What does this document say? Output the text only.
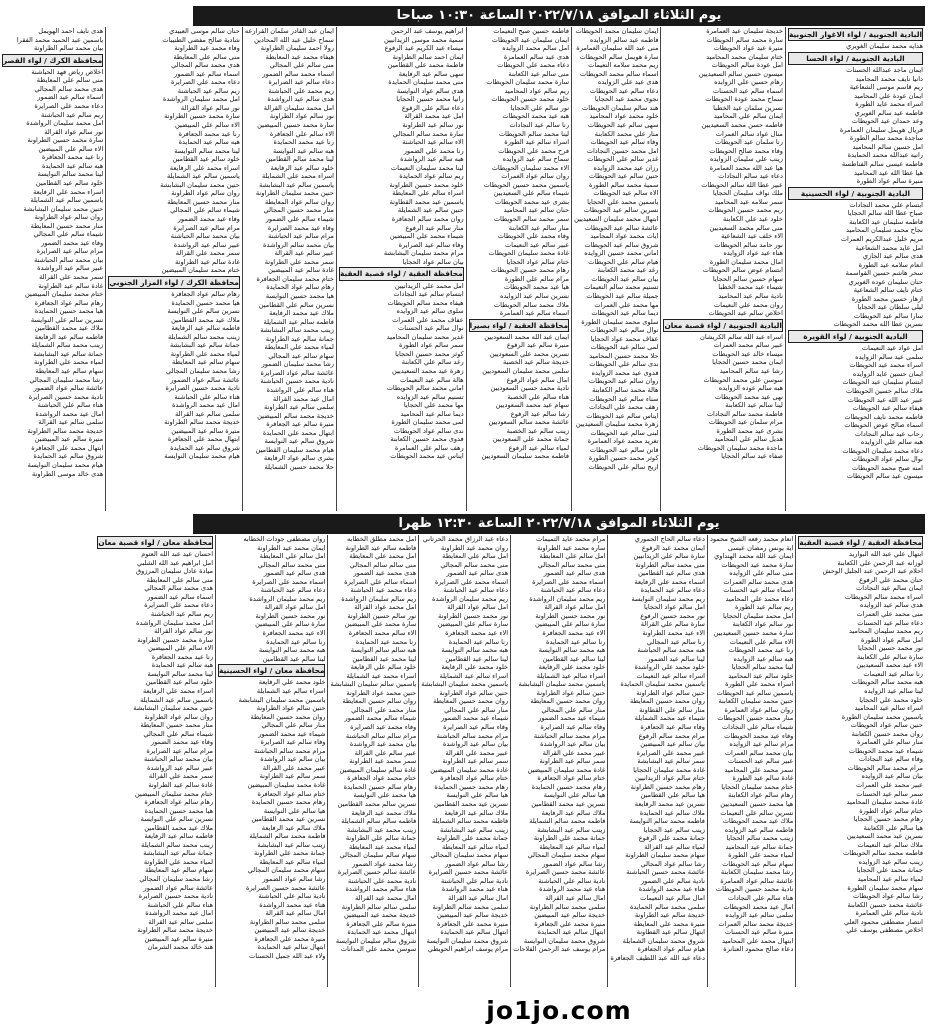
يوم الثلاثاء الموافق ٢٠٢٢/٧/١٨ الساعة ١٠:٣٠ صباحا
البادية الجنوبية / لواء الاغوار الجنوبية
هدايه محمد سليمان الغويري
البادية الجنوبية / لواء الحسا
ايمان ماجد عبدالله الحسنات
دانيا نايف محمد المحاميد
ريم قاسم موسى الشعاعية
ايمان عودة علي المحاميد
اسراء محمد عايد الطورة
فاطمه عيد سالم الغويري
وعد حمدان عيد الحويطات
فريال هويمل سليمان العمامرة
ساجدة محمد سالم الطورة
امل حسين سالم المحاميد
رانيه عبدالله محمد الحمايدة
فاطمه عيسى سالم الفناطسة
هيا عطا الله عيد المحاميد
منيرة سالم عواد الطورة
البادية الجنوبية / لواء الحسينية
ابتسام علي محمد النجادات
صباح عطا الله سالم الحجايا
فاطمه سليمان عيد الكعابنة
نجاح محمد سليمان المحاميد
مريم خليل عبدالكريم العمرات
امل عايد محمد الشعاعية
هدى سالم عيد الجازي
انعام سلامه عيد الطورة
سحر هاشم حسين القواسمة
حنان سليمان عوده الغويري
ختام نايف سالم الشعاعية
ازهار حسين محمد الطورة
ليلى سلطان عيد الحجايا
سارا سالم عيد الحويطات
نسرين عطا الله محمد الحويطات
البادية الجنوبية / لواء القويرة
امل عواد عيد النعيمات
سلمى عيد سالم الزوايده
اسراء محمد عيد الحويطات
ايمان حسين عايد الزوايده
ابتسام سليمان عيد الحويطات
ملاك سالم حسين الحويطات
عبير عبد الله عيد الحويطات
هيفاء سالم عبد الحويطات
فاطمه محمد نايف الحويطات
اسماء صالح عوض الحويطات
رحاب عيد سالم النجادات
هبه سالم علي الزوايده
دعاء محمد سليمان الحويطات
نوال سالم عواد الحويطات
امنه صبح محمد الحويطات
ميسون عيد سالم الحويطات
خديجة سليمان عيد العمامرة
سارة محمد سالم الحويطات
منيرة عيد عواد الحويطات
ختام سليمان محمد المحاميد
امل عودة سالم الحويطات
ميسون حسين سالم السعيديين
رهام حسين علي الزوايده
اسماء سالم عيد الحسنات
سماح محمد عودة الحويطات
نسرين سلمان عيد الخطبا
ايمان سالم علي المحاميد
فاطمه حسن محمد السعيديين
منال عواد سالم العمرات
رنا سلمان عيد الحويطات
وفاء محمد صالح الحويطات
زينب علي سليمان الزوايده
هيا عبد الله محمد العمامرة
دعاء عيد سالم النجادات
عبير عطا الله سالم الحويطات
ملك نواف سليمان الحجايا
سمر سلامه عيد المحاميد
ريم محمد حسين الحويطات
خلود عيد علي الكعابنة
منى سالم محمد السعيديين
الاء خلف عيد الشعاعية
نور حامد سالم الحويطات
هناء عيد عواد الزوايده
امال محمد سليمان الطورة
ابتسام عوض سالم الحويطات
سهام حسين سالم الحجايا
شيماء عيد محمد الخطبا
نادية سالم عيد المحاميد
روان محمد علي النعيمات
اخلاص سالم عيد الحويطات
البادية الجنوبية / لواء قصبة معان
اسراء عبد الله سالم الكريشان
عبير سالم محمد العمرات
ميساء خالد عيد الحويطات
ايمان محمد حسين الحجايا
رشا عيد سالم المحاميد
سوسن علي محمد الحويطات
هبه سالم عوده الزوايده
نهى عيد محمد الحويطات
لينا سالم عيد الكعابنة
فاطمة محمد سالم النجادات
مرام سلمان عيد الحويطات
بشرى عيد محمد الطورة
هديل سالم علي المحاميد
ماجدة محمد سليمان الحويطات
صفاء عيد سالم الحجايا
ايمان سليمان محمد الحويطات
فاطمه عيد سالم الزوايده
منى عبد الله سليمان العمامرة
سارة هويمل سالم الحويطات
ريم محمد سلامه النعيمات
اسماء سالم محمد الحويطات
هدى عيد علي الزوايده
دعاء سالم عيد الحويطات
نجوى محمد عيد الحجايا
هند سالم سليمان الحويطات
خلود محمد عواد المحاميد
سهى سالم عيد الحويطات
منار علي محمد الكعابنة
وفاء سالم عيد الحويطات
امل محمد حسين النجادات
غدير سالم علي الحويطات
رزان عيد محمد الزوايده
حنين سالم عيد الحويطات
سمية محمد سالم الطورة
الاء سالم عيد الحويطات
ياسمين محمد علي الحجايا
نسرين سالم عيد الحويطات
ابتهال محمد سليمان السعيديين
عائشة سالم عيد الحويطات
ايات محمد عواد المحاميد
شروق سالم عيد الحويطات
اماني محمد حسين الزوايده
هيام سالم علي الحويطات
رغد عيد محمد الكعابنة
بيان سالم عيد الحويطات
تسنيم محمد سالم النعيمات
جميلة سالم عيد الحويطات
مها محمد علي العمرات
ديما سالم عيد الحويطات
سلوى محمد سليمان الطورة
نوال سالم عيد الحويطات
عفاف محمد عواد الحجايا
لمى سالم عيد الحويطات
حلا محمد حسين المحاميد
ندى سالم علي الحويطات
فدوى عيد محمد الزوايده
روان سالم عيد الحويطات
هالة محمد سالم الكعابنة
سناء سالم عيد الحويطات
رهف محمد علي النجادات
ايناس سالم عيد الحويطات
زهرة محمد سليمان السعيديين
لبنى سالم عيد الحويطات
تغريد محمد عواد العمامرة
فاتن سالم عيد الحويطات
كوثر محمد حسين الطورة
اريج سالم علي الحويطات
فاطمه حسين صبح النعيمات
ايمان سليمان عيد الحويطات
امل سالم محمد الزوايده
هدى عيد سالم العمامرة
دعاء محمد علي الحويطات
منى سالم عيد الكعابنة
سارة محمد سليمان الحويطات
ريم سالم عواد المحاميد
خلود محمد حسين الحويطات
نور سالم علي الحجايا
هبه عيد محمد الحويطات
رنا سالم عيد النجادات
لينا محمد سالم الحويطات
اسراء سالم عيد الطورة
فرح محمد علي الحويطات
سماح سالم عيد الزوايده
الاء محمد سليمان الحويطات
روان سالم عواد العمرات
ياسمين محمد حسين الحويطات
شيماء سالم علي السعيديين
بشرى عيد محمد الحويطات
حنان سالم عيد المحاميد
سمر محمد سالم الحويطات
منار سالم عيد الكعابنة
وفاء محمد علي الحويطات
عبير سالم عيد النعيمات
غادة محمد سليمان الحويطات
ختام سالم عواد الحجايا
رهام محمد حسين الحويطات
مرام سالم علي الطورة
هيا عيد محمد الحويطات
نسرين سالم عيد الزوايده
ملاك محمد سالم الحويطات
اسماء سالم عيد العمامرة
محافظة العقبة / لواء بصيرا
ايمان عبد الله محمد السعوديين
منيرة سالم عيد الرفوع
نسرين محمد علي السعوديين
خديجة سالم عيد الخصبة
سلمى محمد سليمان السعوديين
امال سالم عواد الرفوع
نادية محمد حسين السعوديين
هناء سالم علي الخصبة
سهام عيد محمد السعوديين
رشا سالم عيد الرفوع
عائشة محمد سالم السعوديين
زينب سالم عيد الخصبة
جمانة محمد علي السعوديين
لمياء سالم عيد الرفوع
فاطمه محمد سليمان السعوديين
ابراهيم يوسف عبد الرحمن
سمية محمد موسى الزيدانيين
ميساء عبد الكريم عيد الرفوع
ايمان احمد سالم الطراونة
فاطمة محمد علي القطامين
سهى سالم عيد الرفايعة
منى محمد سليمان الحمايدة
هدى سالم عواد النوايسة
رانيا محمد حسين الحجايا
دعاء سالم علي الرفوع
امل عيد محمد القرالة
نور سالم عيد الطراونة
سارة محمد سالم المجالي
الاء سالم عيد الحباشنة
رنا محمد علي الضمور
هبه سالم عيد الرواشدة
لينا محمد سليمان النعيمات
ريم سالم عواد الحمايدة
خلود محمد حسين الطراونة
اسراء سالم علي المعايطة
ياسمين عيد محمد القطاونة
حنين سالم عيد الشمايلة
روان محمد سالم الجعافرة
منار سالم عيد الرفوع
شيماء محمد علي المبيضين
وفاء سالم عيد الصرايرة
مرام محمد سليمان البشابشة
بيان سالم عواد الحجايا
محافظة العقبة / لواء قصبة العقبة
امل محمد علي الزيدانيين
ابتسام سالم عيد النجادات
هيفاء محمد سالم الحويطات
سلوى سالم عيد الزوايده
عفاف محمد علي العمرات
نوال سالم عيد الحسنات
غدير محمد سليمان المحاميد
سمر سالم عواد الطورة
كوثر محمد حسين الحجايا
رغد سالم علي الكعابنة
زهرة عيد محمد السعيديين
هالة سالم عيد النعيمات
اماني محمد سالم الحويطات
تسنيم سالم عيد الزوايده
مها محمد علي الحجايا
ديما سالم عيد المحاميد
لمى محمد سليمان الطورة
ندى سالم عواد الحويطات
فدوى محمد حسين الكعابنة
رهف سالم علي العمامرة
ايناس عيد محمد الحويطات
ايمان عبد القادر سلمان القرارعه
سماح خليل عبد الله المحادين
رولا احمد سليمان الطراونة
هيفاء محمد عيد المعايطة
منى سالم علي المجالي
اسماء محمد سالم الضمور
دعاء سالم عيد الصرايرة
ريم محمد علي الحباشنة
هدى سالم عيد الرواشدة
امل محمد سليمان القرالة
نور سالم عواد الطراونة
سارة محمد حسين المبيضين
الاء سالم علي الجعافرة
رنا عيد محمد الحمايدة
هبه سالم عيد النوايسة
لينا محمد سالم القطامين
خلود سالم عيد الرفايعة
اسراء محمد علي الشمايلة
ياسمين سالم عيد البشابشة
حنين محمد سليمان الطراونة
روان سالم عواد المعايطة
منار محمد حسين المجالي
شيماء سالم علي الضمور
وفاء عيد محمد الصرايرة
مرام سالم عيد الحباشنة
بيان محمد سالم الرواشدة
عبير سالم عيد القرالة
سمر محمد علي الطراونة
غادة سالم عيد المبيضين
ختام محمد سليمان الجعافرة
رهام سالم عواد الحمايدة
هيا محمد حسين النوايسة
نسرين سالم علي القطامين
ملاك عيد محمد الرفايعة
فاطمه سالم عيد الشمايلة
زينب محمد سالم البشابشة
جمانة سالم عيد الطراونة
لمياء محمد علي المعايطة
سهام سالم عيد المجالي
رشا محمد سليمان الضمور
عائشة سالم عواد الصرايرة
نادية محمد حسين الحباشنة
هناء سالم علي الرواشدة
امال عيد محمد القرالة
سلمى سالم عيد الطراونة
خديجة محمد سالم المبيضين
منيرة سالم عيد الجعافرة
ابتهال محمد علي الحمايدة
شروق سالم عيد النوايسة
هيام محمد سليمان القطامين
بشرى سالم عواد الرفايعة
حلا محمد حسين الشمايلة
حنان سالم موسى العبيدي
شادية صالح مفضي الطنيبات
وفاء محمد عيد الطراونة
منى سالم علي المعايطة
هدى محمد سالم المجالي
اسماء سالم عيد الضمور
دعاء محمد علي الصرايرة
ريم سالم عيد الحباشنة
امل محمد سليمان الرواشدة
نور سالم عواد القرالة
سارة محمد حسين الطراونة
الاء سالم علي المبيضين
رنا عيد محمد الجعافرة
هبه سالم عيد الحمايدة
لينا محمد سالم النوايسة
خلود سالم عيد القطامين
اسراء محمد علي الرفايعة
ياسمين سالم عيد الشمايلة
حنين محمد سليمان البشابشة
روان سالم عواد الطراونة
منار محمد حسين المعايطة
شيماء سالم علي المجالي
وفاء عيد محمد الضمور
مرام سالم عيد الصرايرة
بيان محمد سالم الحباشنة
عبير سالم عيد الرواشدة
سمر محمد علي القرالة
غادة سالم عيد الطراونة
ختام محمد سليمان المبيضين
محافظة الكرك / لواء المزار الجنوبي
رهام سالم عواد الجعافرة
هيا محمد حسين الحمايدة
نسرين سالم علي النوايسة
ملاك عيد محمد القطامين
فاطمه سالم عيد الرفايعة
زينب محمد سالم الشمايلة
جمانة سالم عيد البشابشة
لمياء محمد علي الطراونة
سهام سالم عيد المعايطة
رشا محمد سليمان المجالي
عائشة سالم عواد الضمور
نادية محمد حسين الصرايرة
هناء سالم علي الحباشنة
امال عيد محمد الرواشدة
سلمى سالم عيد القرالة
خديجة محمد سالم الطراونة
منيرة سالم عيد المبيضين
ابتهال محمد علي الجعافرة
شروق سالم عيد الحمايدة
هيام محمد سليمان النوايسة
هدى نايف احمد الهويمل
ياسمين عبد الحميد محمد الفقرا
بيان محمد سالم الطراونة
محافظة الكرك / لواء القصر
اخلاص رياض فهد الحباشنة
منى سالم علي المعايطة
هدى محمد سالم المجالي
اسماء سالم عيد الضمور
دعاء محمد علي الصرايرة
ريم سالم عيد الحباشنة
امل محمد سليمان الرواشدة
نور سالم عواد القرالة
سارة محمد حسين الطراونة
الاء سالم علي المبيضين
رنا عيد محمد الجعافرة
هبه سالم عيد الحمايدة
لينا محمد سالم النوايسة
خلود سالم عيد القطامين
اسراء محمد علي الرفايعة
ياسمين سالم عيد الشمايلة
حنين محمد سليمان البشابشة
روان سالم عواد الطراونة
منار محمد حسين المعايطة
شيماء سالم علي المجالي
وفاء عيد محمد الضمور
مرام سالم عيد الصرايرة
بيان محمد سالم الحباشنة
عبير سالم عيد الرواشدة
سمر محمد علي القرالة
غادة سالم عيد الطراونة
ختام محمد سليمان المبيضين
رهام سالم عواد الجعافرة
هيا محمد حسين الحمايدة
نسرين سالم علي النوايسة
ملاك عيد محمد القطامين
فاطمه سالم عيد الرفايعة
زينب محمد سالم الشمايلة
جمانة سالم عيد البشابشة
لمياء محمد علي الطراونة
سهام سالم عيد المعايطة
رشا محمد سليمان المجالي
عائشة سالم عواد الضمور
نادية محمد حسين الصرايرة
هناء سالم علي الحباشنة
امال عيد محمد الرواشدة
سلمى سالم عيد القرالة
خديجة محمد سالم الطراونة
منيرة سالم عيد المبيضين
ابتهال محمد علي الجعافرة
شروق سالم عيد الحمايدة
هيام محمد سليمان النوايسة
هدى خالد موسى الطراونة
يوم الثلاثاء الموافق ٢٠٢٢/٧/١٨ الساعة ١٢:٣٠ ظهرا
محافظة العقبة / لواء قصبة العقبة
ابتهال علي عبد الله البواريد
لوزانه عبد الرحمن علي الكعابنة
احلام عبد الرحمن عبد الجليل الوحش
حنان محمد علي الرفوع
ايمان سالم عيد النجادات
اسراء محمد سالم الحويطات
هدى سالم عيد الزوايده
منى محمد علي العمرات
دعاء سالم عيد الحسنات
ريم محمد سليمان المحاميد
امل سالم عواد الطورة
نور محمد حسين الحجايا
سارة سالم علي الكعابنة
الاء عيد محمد السعيديين
رنا سالم عيد النعيمات
هبه محمد سالم الحويطات
لينا سالم عيد الزوايده
خلود محمد علي الحجايا
اسراء سالم عيد المحاميد
ياسمين محمد سليمان الطورة
حنين سالم عواد الحويطات
روان محمد حسين الكعابنة
منار سالم علي العمامرة
شيماء عيد محمد الحويطات
وفاء سالم عيد النجادات
مرام محمد سالم الحويطات
بيان سالم عيد الزوايده
عبير محمد علي العمرات
سمر سالم عيد الحسنات
غادة محمد سليمان المحاميد
ختام سالم عواد الطورة
رهام محمد حسين الحجايا
هيا سالم علي الكعابنة
نسرين عيد محمد السعيديين
ملاك سالم عيد النعيمات
فاطمه محمد سالم الحويطات
زينب سالم عيد الزوايده
جمانة محمد علي الحجايا
لمياء سالم عيد المحاميد
سهام محمد سليمان الطورة
رشا سالم عواد الحويطات
عائشة محمد حسين الكعابنة
نادية سالم علي العمامرة
انتصار مصطفى محمود العلي
اخلاص مصطفى يوسف علي
انعام محمد رفعه الشيخ محمود
اية يونس رمضان عيسى
ايمان عبد الله محمد الهنداوي
سارة محمد عيد الحويطات
منى سالم علي الزوايده
هدى محمد سالم العمرات
اسماء سالم عيد الحسنات
دعاء محمد علي المحاميد
ريم سالم عيد الطورة
امل محمد سليمان الحجايا
نور سالم عواد الكعابنة
سارة محمد حسين السعيديين
الاء سالم علي النعيمات
رنا عيد محمد الحويطات
هبه سالم عيد الزوايده
لينا محمد سالم الحجايا
خلود سالم عيد المحاميد
اسراء محمد علي الطورة
ياسمين سالم عيد الحويطات
حنين محمد سليمان الكعابنة
روان سالم عواد العمامرة
منار محمد حسين الحويطات
شيماء سالم علي النجادات
وفاء عيد محمد الحويطات
مرام سالم عيد الزوايده
بيان محمد سالم العمرات
عبير سالم عيد الحسنات
سمر محمد علي المحاميد
غادة سالم عيد الطورة
ختام محمد سليمان الحجايا
رهام سالم عواد الكعابنة
هيا محمد حسين السعيديين
نسرين سالم علي النعيمات
ملاك عيد محمد الحويطات
فاطمه سالم عيد الزوايده
زينب محمد سالم الحجايا
جمانة سالم عيد المحاميد
لمياء محمد علي الطورة
سهام سالم عيد الحويطات
رشا محمد سليمان الكعابنة
عائشة سالم عواد العمامرة
نادية محمد حسين الحويطات
هناء سالم علي النجادات
امال عيد محمد الحويطات
سلمى سالم عيد الزوايده
خديجة محمد سالم العمرات
منيرة سالم عيد الحسنات
ابتهال محمد علي المحاميد
دعاء صالح محمود العنانزة
دعاء سالم الحاج الحموري
ايمان محمد عيد الرفوع
سارة سالم علي الزيدانيين
منى محمد سالم الطراونة
هدى سالم عيد القطامين
اسماء محمد علي الرفايعة
دعاء سالم عيد الحمايدة
ريم محمد سليمان النوايسة
امل سالم عواد الحجايا
نور محمد حسين الرفوع
سارة سالم علي القرالة
الاء عيد محمد الطراونة
رنا سالم عيد المجالي
هبه محمد سالم الحباشنة
لينا سالم عيد الضمور
خلود محمد علي الرواشدة
اسراء سالم عيد النعيمات
ياسمين محمد سليمان الحمايدة
حنين سالم عواد الطراونة
روان محمد حسين المعايطة
منار سالم علي القطاونة
شيماء عيد محمد الشمايلة
وفاء سالم عيد الجعافرة
مرام محمد سالم الرفوع
بيان سالم عيد المبيضين
عبير محمد علي الصرايرة
سمر سالم عيد البشابشة
غادة محمد سليمان الحجايا
ختام سالم عواد الزيدانيين
رهام محمد حسين الطراونة
هيا سالم علي القطامين
نسرين عيد محمد الرفايعة
ملاك سالم عيد الحمايدة
فاطمه محمد سالم النوايسة
زينب سالم عيد الحجايا
جمانة محمد علي الرفوع
لمياء سالم عيد القرالة
سهام محمد سليمان الطراونة
رشا سالم عواد المجالي
عائشة محمد حسين الحباشنة
نادية سالم علي الضمور
هناء عيد محمد الرواشدة
امال سالم عيد النعيمات
سلمى محمد سالم الحمايدة
خديجة سالم عيد الطراونة
منيرة محمد علي المعايطة
ابتهال سالم عيد القطاونة
شروق محمد سليمان الشمايلة
هيام سالم عواد الجعافرة
دعاء عبد الله عبد اللطيف الجعافرة
مرام محمد عايد التميمات
ساره محمد عيد الطراونة
امل سالم علي المعايطة
منى محمد سالم المجالي
هدى سالم عيد الضمور
اسماء محمد علي الصرايرة
دعاء سالم عيد الحباشنة
ريم محمد سليمان الرواشدة
امل سالم عواد القرالة
نور محمد حسين الطراونة
سارة سالم علي المبيضين
الاء عيد محمد الجعافرة
رنا سالم عيد الحمايدة
هبه محمد سالم النوايسة
لينا سالم عيد القطامين
خلود محمد علي الرفايعة
اسراء سالم عيد الشمايلة
ياسمين محمد سليمان البشابشة
حنين سالم عواد الطراونة
روان محمد حسين المعايطة
منار سالم علي المجالي
شيماء عيد محمد الضمور
وفاء سالم عيد الصرايرة
مرام محمد سالم الحباشنة
بيان سالم عيد الرواشدة
عبير محمد علي القرالة
سمر سالم عيد الطراونة
غادة محمد سليمان المبيضين
ختام سالم عواد الجعافرة
رهام محمد حسين الحمايدة
هيا سالم علي النوايسة
نسرين عيد محمد القطامين
ملاك سالم عيد الرفايعة
فاطمه محمد سالم الشمايلة
زينب سالم عيد البشابشة
جمانة محمد علي الطراونة
لمياء سالم عيد المعايطة
سهام محمد سليمان المجالي
رشا سالم عواد الضمور
عائشة محمد حسين الصرايرة
نادية سالم علي الحباشنة
هناء عيد محمد الرواشدة
امال سالم عيد القرالة
سلمى محمد سالم الطراونة
خديجة سالم عيد المبيضين
منيرة محمد علي الجعافرة
ابتهال سالم عيد الحمايدة
شروق محمد سليمان النوايسة
مرام يوسف عبد الرحمن الفلاحات
دعاء عبد الرزاق محمد الحرتاني
روان محمد عيد الطراونة
امل سالم علي المعايطة
منى محمد سالم المجالي
هدى سالم عيد الضمور
اسماء محمد علي الصرايرة
دعاء سالم عيد الحباشنة
ريم محمد سليمان الرواشدة
امل سالم عواد القرالة
نور محمد حسين الطراونة
سارة سالم علي المبيضين
الاء عيد محمد الجعافرة
رنا سالم عيد الحمايدة
هبه محمد سالم النوايسة
لينا سالم عيد القطامين
خلود محمد علي الرفايعة
اسراء سالم عيد الشمايلة
ياسمين محمد سليمان البشابشة
حنين سالم عواد الطراونة
روان محمد حسين المعايطة
منار سالم علي المجالي
شيماء عيد محمد الضمور
وفاء سالم عيد الصرايرة
مرام محمد سالم الحباشنة
بيان سالم عيد الرواشدة
عبير محمد علي القرالة
سمر سالم عيد الطراونة
غادة محمد سليمان المبيضين
ختام سالم عواد الجعافرة
رهام محمد حسين الحمايدة
هيا سالم علي النوايسة
نسرين عيد محمد القطامين
ملاك سالم عيد الرفايعة
فاطمه محمد سالم الشمايلة
زينب سالم عيد البشابشة
جمانة محمد علي الطراونة
لمياء سالم عيد المعايطة
سهام محمد سليمان المجالي
رشا سالم عواد الضمور
عائشة محمد حسين الصرايرة
نادية سالم علي الحباشنة
هناء عيد محمد الرواشدة
امال سالم عيد القرالة
سلمى محمد سالم الطراونة
خديجة سالم عيد المبيضين
منيرة محمد علي الجعافرة
ابتهال سالم عيد الحمايدة
شروق محمد سليمان النوايسة
مرام يوسف ابراهيم الحويطي
امل محمد مطلق الخطابه
فاطمه سالم عيد الطراونة
امل محمد علي المعايطة
منى سالم سالم المجالي
هدى محمد عيد الضمور
اسماء سالم علي الصرايرة
دعاء محمد عيد الحباشنة
ريم سالم سليمان الرواشدة
امل محمد عواد القرالة
نور سالم حسين الطراونة
سارة محمد علي المبيضين
الاء سالم محمد الجعافرة
رنا محمد عيد الحمايدة
هبه سالم سالم النوايسة
لينا محمد عيد القطامين
خلود سالم علي الرفايعة
اسراء محمد عيد الشمايلة
ياسمين سالم سليمان البشابشة
حنين محمد عواد الطراونة
روان سالم حسين المعايطة
منار محمد علي المجالي
شيماء سالم محمد الضمور
وفاء محمد عيد الصرايرة
مرام سالم سالم الحباشنة
بيان محمد عيد الرواشدة
عبير سالم علي القرالة
سمر محمد عيد الطراونة
غادة سالم سليمان المبيضين
ختام محمد عواد الجعافرة
رهام سالم حسين الحمايدة
هيا محمد علي النوايسة
نسرين سالم محمد القطامين
ملاك محمد عيد الرفايعة
فاطمه سالم سالم الشمايلة
زينب محمد عيد البشابشة
جمانة سالم علي الطراونة
لمياء محمد عيد المعايطة
سهام سالم سليمان المجالي
رشا محمد عواد الضمور
عائشة سالم حسين الصرايرة
نادية محمد علي الحباشنة
هناء سالم محمد الرواشدة
امال محمد عيد القرالة
سلمى سالم سالم الطراونة
خديجة محمد عيد المبيضين
منيرة سالم علي الجعافرة
ابتهال محمد عيد الحمايدة
شروق سالم سليمان النوايسة
سوسن محمد علي المدانات
روان مصطفى جودات الخطابه
ايمان محمد عيد الطراونة
امل سالم علي المعايطة
منى محمد سالم المجالي
هدى سالم عيد الضمور
اسماء محمد علي الصرايرة
دعاء سالم عيد الحباشنة
ريم محمد سليمان الرواشدة
امل سالم عواد القرالة
نور محمد حسين الطراونة
سارة سالم علي المبيضين
الاء عيد محمد الجعافرة
رنا سالم عيد الحمايدة
هبه محمد سالم النوايسة
لينا سالم عيد القطامين
محافظة معان / لواء الحسينية
خلود محمد علي الرفايعة
اسراء سالم عيد الشمايلة
ياسمين محمد سليمان البشابشة
حنين سالم عواد الطراونة
روان محمد حسين المعايطة
منار سالم علي المجالي
شيماء عيد محمد الضمور
وفاء سالم عيد الصرايرة
مرام محمد سالم الحباشنة
بيان سالم عيد الرواشدة
عبير محمد علي القرالة
سمر سالم عيد الطراونة
غادة محمد سليمان المبيضين
ختام سالم عواد الجعافرة
رهام محمد حسين الحمايدة
هيا سالم علي النوايسة
نسرين عيد محمد القطامين
ملاك سالم عيد الرفايعة
فاطمه محمد سالم الشمايلة
زينب سالم عيد البشابشة
جمانة محمد علي الطراونة
لمياء سالم عيد المعايطة
سهام محمد سليمان المجالي
رشا سالم عواد الضمور
عائشة محمد حسين الصرايرة
نادية سالم علي الحباشنة
هناء عيد محمد الرواشدة
امال سالم عيد القرالة
سلمى محمد سالم الطراونة
خديجة سالم عيد المبيضين
منيرة محمد علي الجعافرة
ابتهال سالم عيد الحمايدة
ولاء عبد الله جميل الحسنات
محافظة معان / لواء قصبة معان
احسان عيد عبد الله العتوم
امل ابراهيم عبد الله الشلبي
ميادة عادل سليمان المرزوق
منى سالم علي المعايطة
هدى محمد سالم المجالي
اسماء سالم عيد الضمور
دعاء محمد علي الصرايرة
ريم سالم عيد الحباشنة
امل محمد سليمان الرواشدة
نور سالم عواد القرالة
سارة محمد حسين الطراونة
الاء سالم علي المبيضين
رنا عيد محمد الجعافرة
هبه سالم عيد الحمايدة
لينا محمد سالم النوايسة
خلود سالم عيد القطامين
اسراء محمد علي الرفايعة
ياسمين سالم عيد الشمايلة
حنين محمد سليمان البشابشة
روان سالم عواد الطراونة
منار محمد حسين المعايطة
شيماء سالم علي المجالي
وفاء عيد محمد الضمور
مرام سالم عيد الصرايرة
بيان محمد سالم الحباشنة
عبير سالم عيد الرواشدة
سمر محمد علي القرالة
غادة سالم عيد الطراونة
ختام محمد سليمان المبيضين
رهام سالم عواد الجعافرة
هيا محمد حسين الحمايدة
نسرين سالم علي النوايسة
ملاك عيد محمد القطامين
فاطمه سالم عيد الرفايعة
زينب محمد سالم الشمايلة
جمانة سالم عيد البشابشة
لمياء محمد علي الطراونة
سهام سالم عيد المعايطة
رشا محمد سليمان المجالي
عائشة سالم عواد الضمور
نادية محمد حسين الصرايرة
هناء سالم علي الحباشنة
امال عيد محمد الرواشدة
سلمى سالم عيد القرالة
خديجة محمد سالم الطراونة
منيرة سالم عيد المبيضين
هند خالد محمد الشرمان
jo1jo.com
